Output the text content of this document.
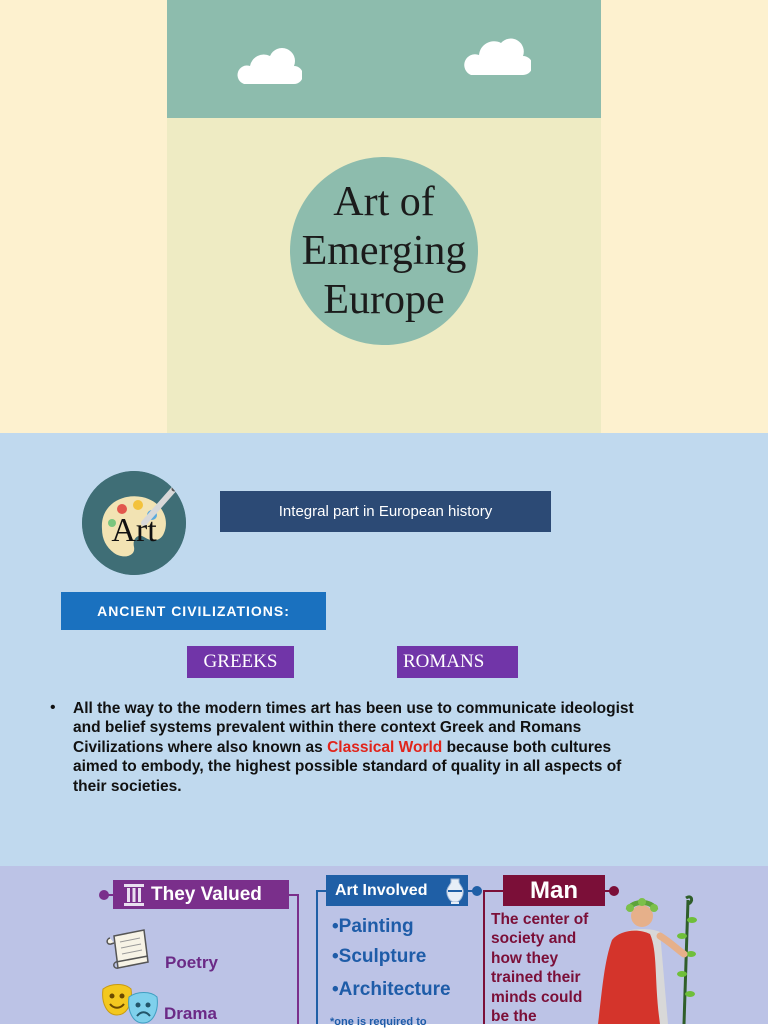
Art of
Emerging
Europe
Art
Integral part in European history
ANCIENT CIVILIZATIONS:
GREEKS	ROMANS
• All the way to the modern times art has been use to communicate ideologist and belief systems prevalent within there context Greek and Romans Civilizations where also known as Classical World because both cultures aimed to embody, the highest possible standard of quality in all aspects of their societies.
They Valued
Poetry
Drama
Art Involved
•Painting
•Sculpture
•Architecture
*one is required to
Man
The center of society and how they trained their minds could be the
